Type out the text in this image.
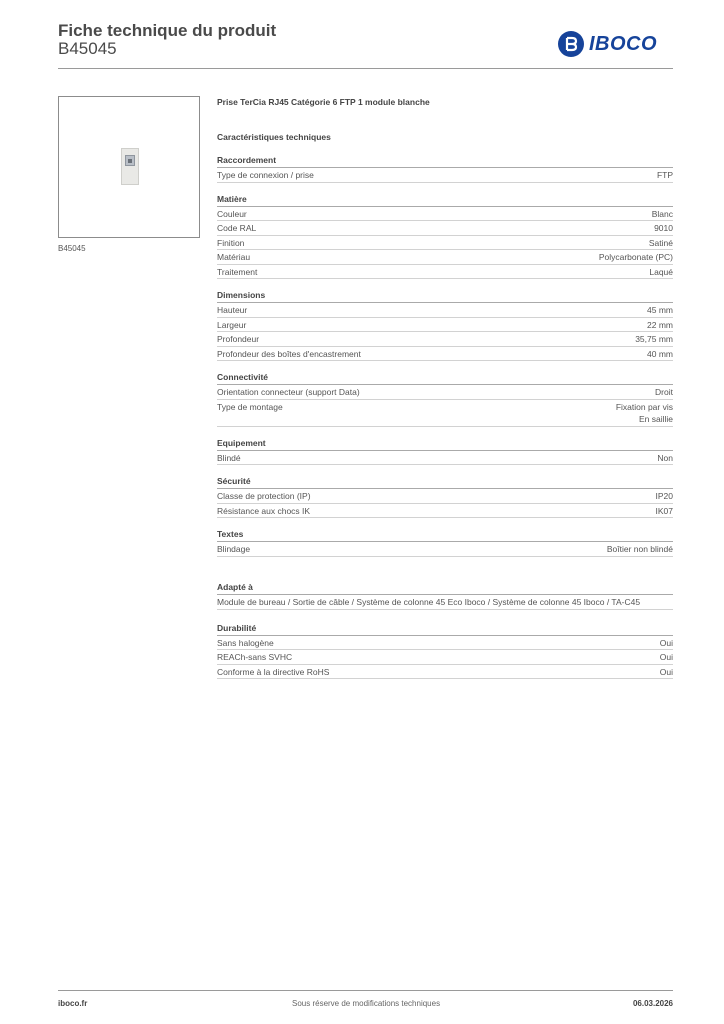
Fiche technique du produit
B45045	IBOCO
B45045
Prise TerCia RJ45 Catégorie 6 FTP 1 module blanche
Caractéristiques techniques
Raccordement
Type de connexion / prise	FTP
Matière
Couleur	Blanc
Code RAL	9010
Finition	Satiné
Matériau	Polycarbonate (PC)
Traitement	Laqué
Dimensions
Hauteur	45 mm
Largeur	22 mm
Profondeur	35,75 mm
Profondeur des boîtes d'encastrement	40 mm
Connectivité
Orientation connecteur (support Data)	Droit
Type de montage	Fixation par vis
En saillie
Equipement
Blindé	Non
Sécurité
Classe de protection (IP)	IP20
Résistance aux chocs IK	IK07
Textes
Blindage	Boîtier non blindé
Adapté à
Module de bureau / Sortie de câble / Système de colonne 45 Eco Iboco / Système de colonne 45 Iboco / TA-C45
Durabilité
Sans halogène	Oui
REACh-sans SVHC	Oui
Conforme à la directive RoHS	Oui
iboco.fr	Sous réserve de modifications techniques	06.03.2026
